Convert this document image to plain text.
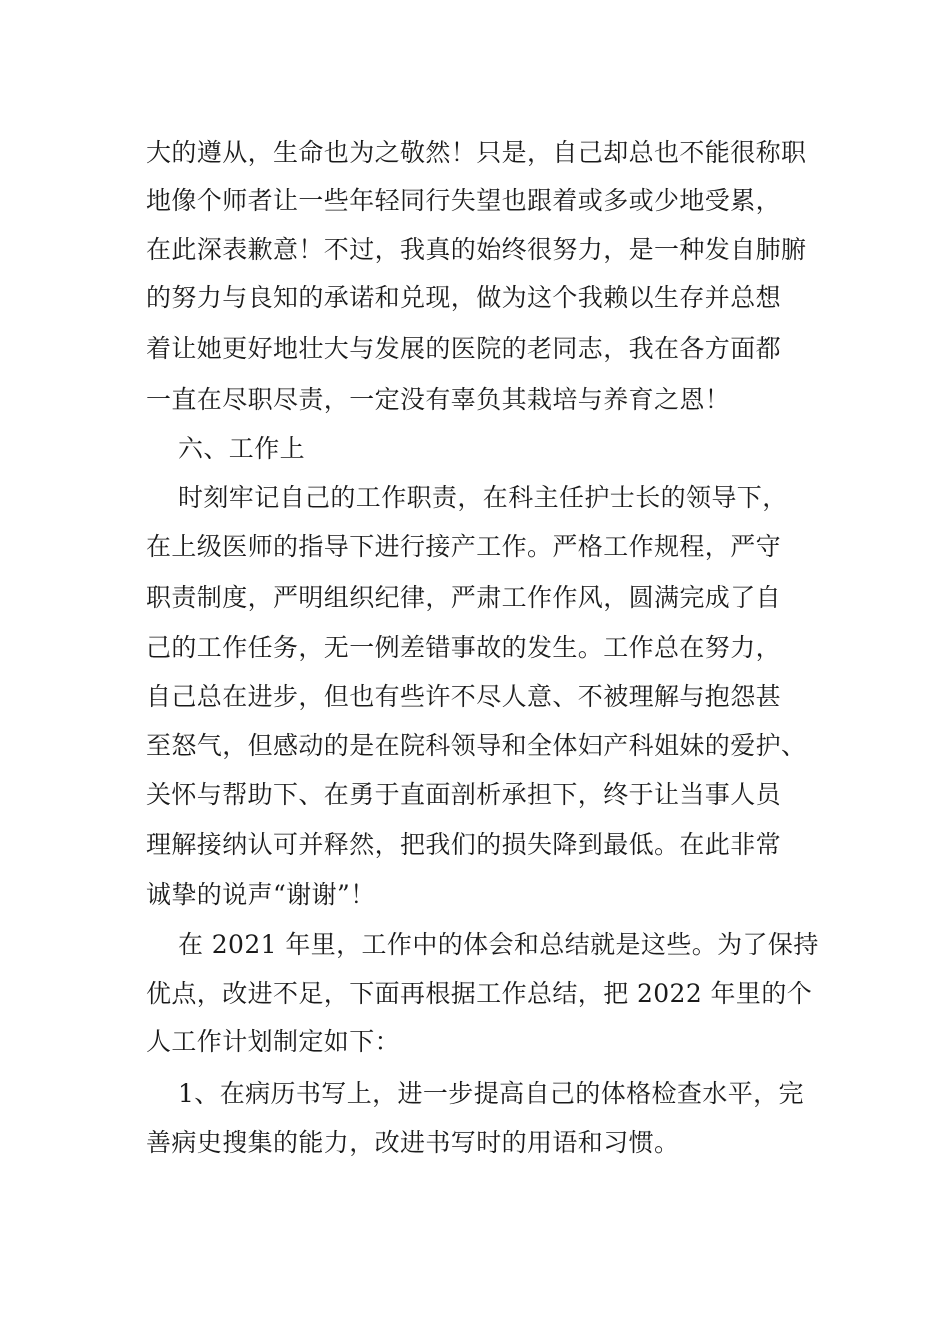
大的遵从，生命也为之敬然！只是，自己却总也不能很称职
地像个师者让一些年轻同行失望也跟着或多或少地受累，
在此深表歉意！不过，我真的始终很努力，是一种发自肺腑
的努力与良知的承诺和兑现，做为这个我赖以生存并总想
着让她更好地壮大与发展的医院的老同志，我在各方面都
一直在尽职尽责，一定没有辜负其栽培与养育之恩！
六、工作上
时刻牢记自己的工作职责，在科主任护士长的领导下，
在上级医师的指导下进行接产工作。严格工作规程，严守
职责制度，严明组织纪律，严肃工作作风，圆满完成了自
己的工作任务，无一例差错事故的发生。工作总在努力，
自己总在进步，但也有些许不尽人意、不被理解与抱怨甚
至怒气，但感动的是在院科领导和全体妇产科姐妹的爱护、
关怀与帮助下、在勇于直面剖析承担下，终于让当事人员
理解接纳认可并释然，把我们的损失降到最低。在此非常
诚挚的说声“谢谢”！
在 2021 年里，工作中的体会和总结就是这些。为了保持
优点，改进不足，下面再根据工作总结，把 2022 年里的个
人工作计划制定如下：
1、在病历书写上，进一步提高自己的体格检查水平，完
善病史搜集的能力，改进书写时的用语和习惯。
